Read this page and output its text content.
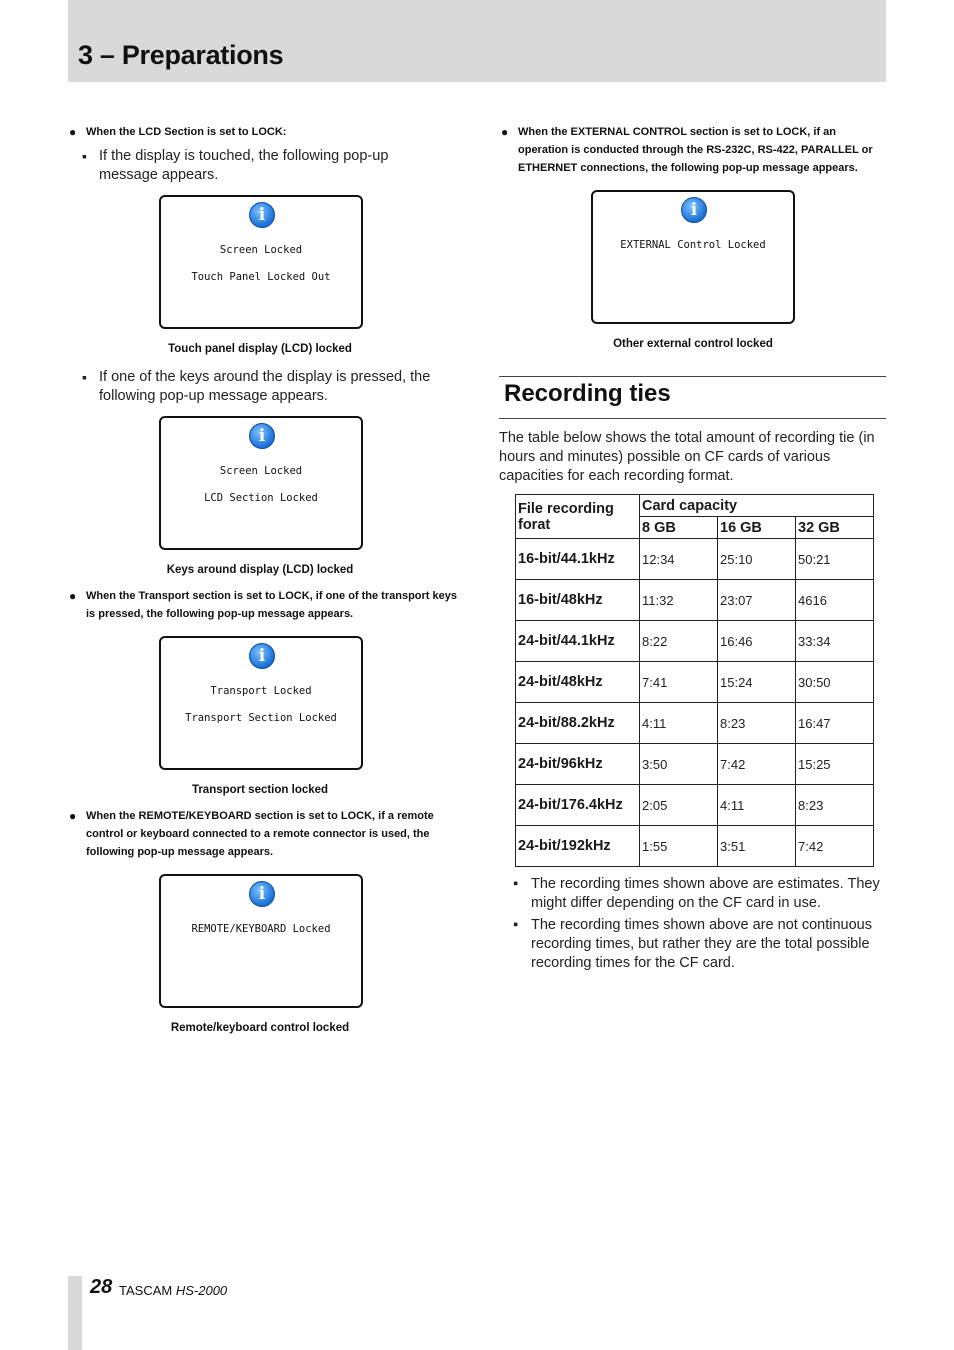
3 – Preparations
● When the LCD Section is set to LOCK:
▪ If the display is touched, the following pop-up message appears.
i
Screen Locked
Touch Panel Locked Out
Touch panel display (LCD) locked
▪ If one of the keys around the display is pressed, the following pop-up message appears.
i
Screen Locked
LCD Section Locked
Keys around display (LCD) locked
● When the Transport section is set to LOCK, if one of the transport keys is pressed, the following pop-up message appears.
i
Transport Locked
Transport Section Locked
Transport section locked
● When the REMOTE/KEYBOARD section is set to LOCK, if a remote control or keyboard connected to a remote connector is used, the following pop-up message appears.
i
REMOTE/KEYBOARD Locked
Remote/keyboard control locked
● When the EXTERNAL CONTROL section is set to LOCK, if an operation is conducted through the RS-232C, RS-422, PARALLEL or ETHERNET connections, the following pop-up message appears.
i
EXTERNAL Control Locked
Other external control locked
Recording ties
The table below shows the total amount of recording tie (in hours and minutes) possible on CF cards of various capacities for each recording format.
File recording forat	Card capacity		
	8 GB	16 GB	32 GB
16-bit/44.1kHz	12:34	25:10	50:21
16-bit/48kHz	11:32	23:07	4616
24-bit/44.1kHz	8:22	16:46	33:34
24-bit/48kHz	7:41	15:24	30:50
24-bit/88.2kHz	4:11	8:23	16:47
24-bit/96kHz	3:50	7:42	15:25
24-bit/176.4kHz	2:05	4:11	8:23
24-bit/192kHz	1:55	3:51	7:42
▪ The recording times shown above are estimates. They might differ depending on the CF card in use.
▪ The recording times shown above are not continuous recording times, but rather they are the total possible recording times for the CF card.
28 TASCAM HS-2000
